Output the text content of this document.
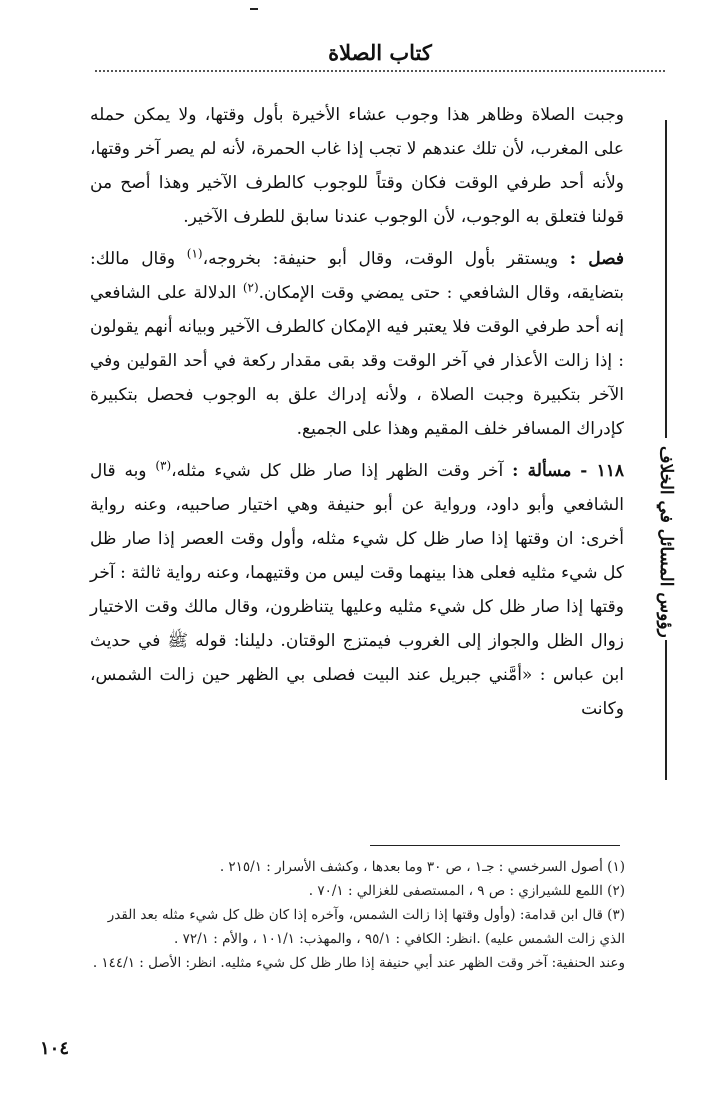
كتاب الصلاة
رؤوس المسائل في الخلاف

وجبت الصلاة وظاهر هذا وجوب عشاء الأخيرة بأول وقتها، ولا يمكن حمله على المغرب، لأن تلك عندهم لا تجب إذا غاب الحمرة، لأنه لم يصر آخر وقتها، ولأنه أحد طرفي الوقت فكان وقتاً للوجوب كالطرف الآخير وهذا أصح من قولنا فتعلق به الوجوب، لأن الوجوب عندنا سابق للطرف الآخير.

فصل : ويستقر بأول الوقت، وقال أبو حنيفة: بخروجه،$^{(١)}$ وقال مالك: بتضايقه، وقال الشافعي : حتى يمضي وقت الإمكان.$^{(٢)}$ الدلالة على الشافعي إنه أحد طرفي الوقت فلا يعتبر فيه الإمكان كالطرف الآخير وبيانه أنهم يقولون : إذا زالت الأعذار في آخر الوقت وقد بقى مقدار ركعة في أحد القولين وفي الآخر بتكبيرة وجبت الصلاة ، ولأنه إدراك علق به الوجوب فحصل بتكبيرة كإدراك المسافر خلف المقيم وهذا على الجميع.

١١٨ - مسألة : آخر وقت الظهر إذا صار ظل كل شيء مثله،$^{(٣)}$ وبه قال الشافعي وأبو داود، ورواية عن أبو حنيفة وهي اختيار صاحبيه، وعنه رواية أخرى: ان وقتها إذا صار ظل كل شيء مثله، وأول وقت العصر إذا صار ظل كل شيء مثليه فعلى هذا بينهما وقت ليس من وقتيهما، وعنه رواية ثالثة : آخر وقتها إذا صار ظل كل شيء مثليه وعليها يتناظرون، وقال مالك وقت الاختيار زوال الظل والجواز إلى الغروب فيمتزج الوقتان. دليلنا: قوله ﷺ في حديث ابن عباس : «أمَّني جبريل عند البيت فصلى بي الظهر حين زالت الشمس، وكانت

(١) أصول السرخسي : جـ١ ، ص ٣٠ وما بعدها ، وكشف الأسرار : ٢١٥/١ .

(٢) اللمع للشيرازي : ص ٩ ، المستصفى للغزالي : ٧٠/١ .

(٣) قال ابن قدامة: (وأول وقتها إذا زالت الشمس، وآخره إذا كان ظل كل شيء مثله بعد القدر الذي زالت الشمس عليه) .انظر: الكافي : ٩٥/١ ، والمهذب: ١٠١/١ ، والأم : ٧٢/١ .

وعند الحنفية: آخر وقت الظهر عند أبي حنيفة إذا طار ظل كل شيء مثليه. انظر: الأصل : ١٤٤/١ .

١٠٤
